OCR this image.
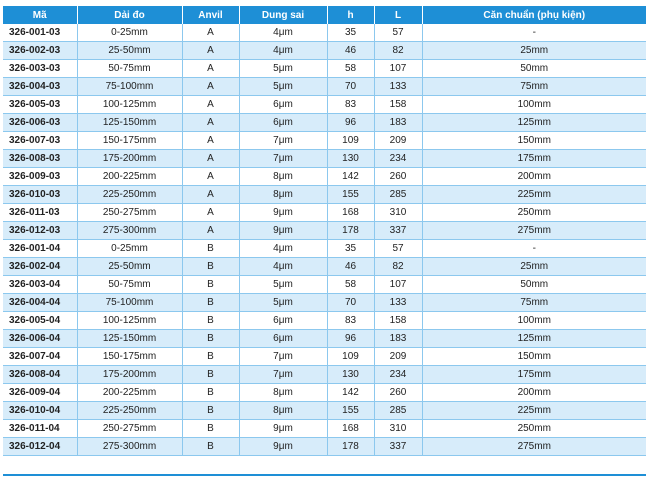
Mã	Dải đo	Anvil	Dung sai	h	L	Căn chuẩn (phụ kiện)
326-001-03	0-25mm	A	4μm	35	57	-
326-002-03	25-50mm	A	4μm	46	82	25mm
326-003-03	50-75mm	A	5μm	58	107	50mm
326-004-03	75-100mm	A	5μm	70	133	75mm
326-005-03	100-125mm	A	6μm	83	158	100mm
326-006-03	125-150mm	A	6μm	96	183	125mm
326-007-03	150-175mm	A	7μm	109	209	150mm
326-008-03	175-200mm	A	7μm	130	234	175mm
326-009-03	200-225mm	A	8μm	142	260	200mm
326-010-03	225-250mm	A	8μm	155	285	225mm
326-011-03	250-275mm	A	9μm	168	310	250mm
326-012-03	275-300mm	A	9μm	178	337	275mm
326-001-04	0-25mm	B	4μm	35	57	-
326-002-04	25-50mm	B	4μm	46	82	25mm
326-003-04	50-75mm	B	5μm	58	107	50mm
326-004-04	75-100mm	B	5μm	70	133	75mm
326-005-04	100-125mm	B	6μm	83	158	100mm
326-006-04	125-150mm	B	6μm	96	183	125mm
326-007-04	150-175mm	B	7μm	109	209	150mm
326-008-04	175-200mm	B	7μm	130	234	175mm
326-009-04	200-225mm	B	8μm	142	260	200mm
326-010-04	225-250mm	B	8μm	155	285	225mm
326-011-04	250-275mm	B	9μm	168	310	250mm
326-012-04	275-300mm	B	9μm	178	337	275mm
